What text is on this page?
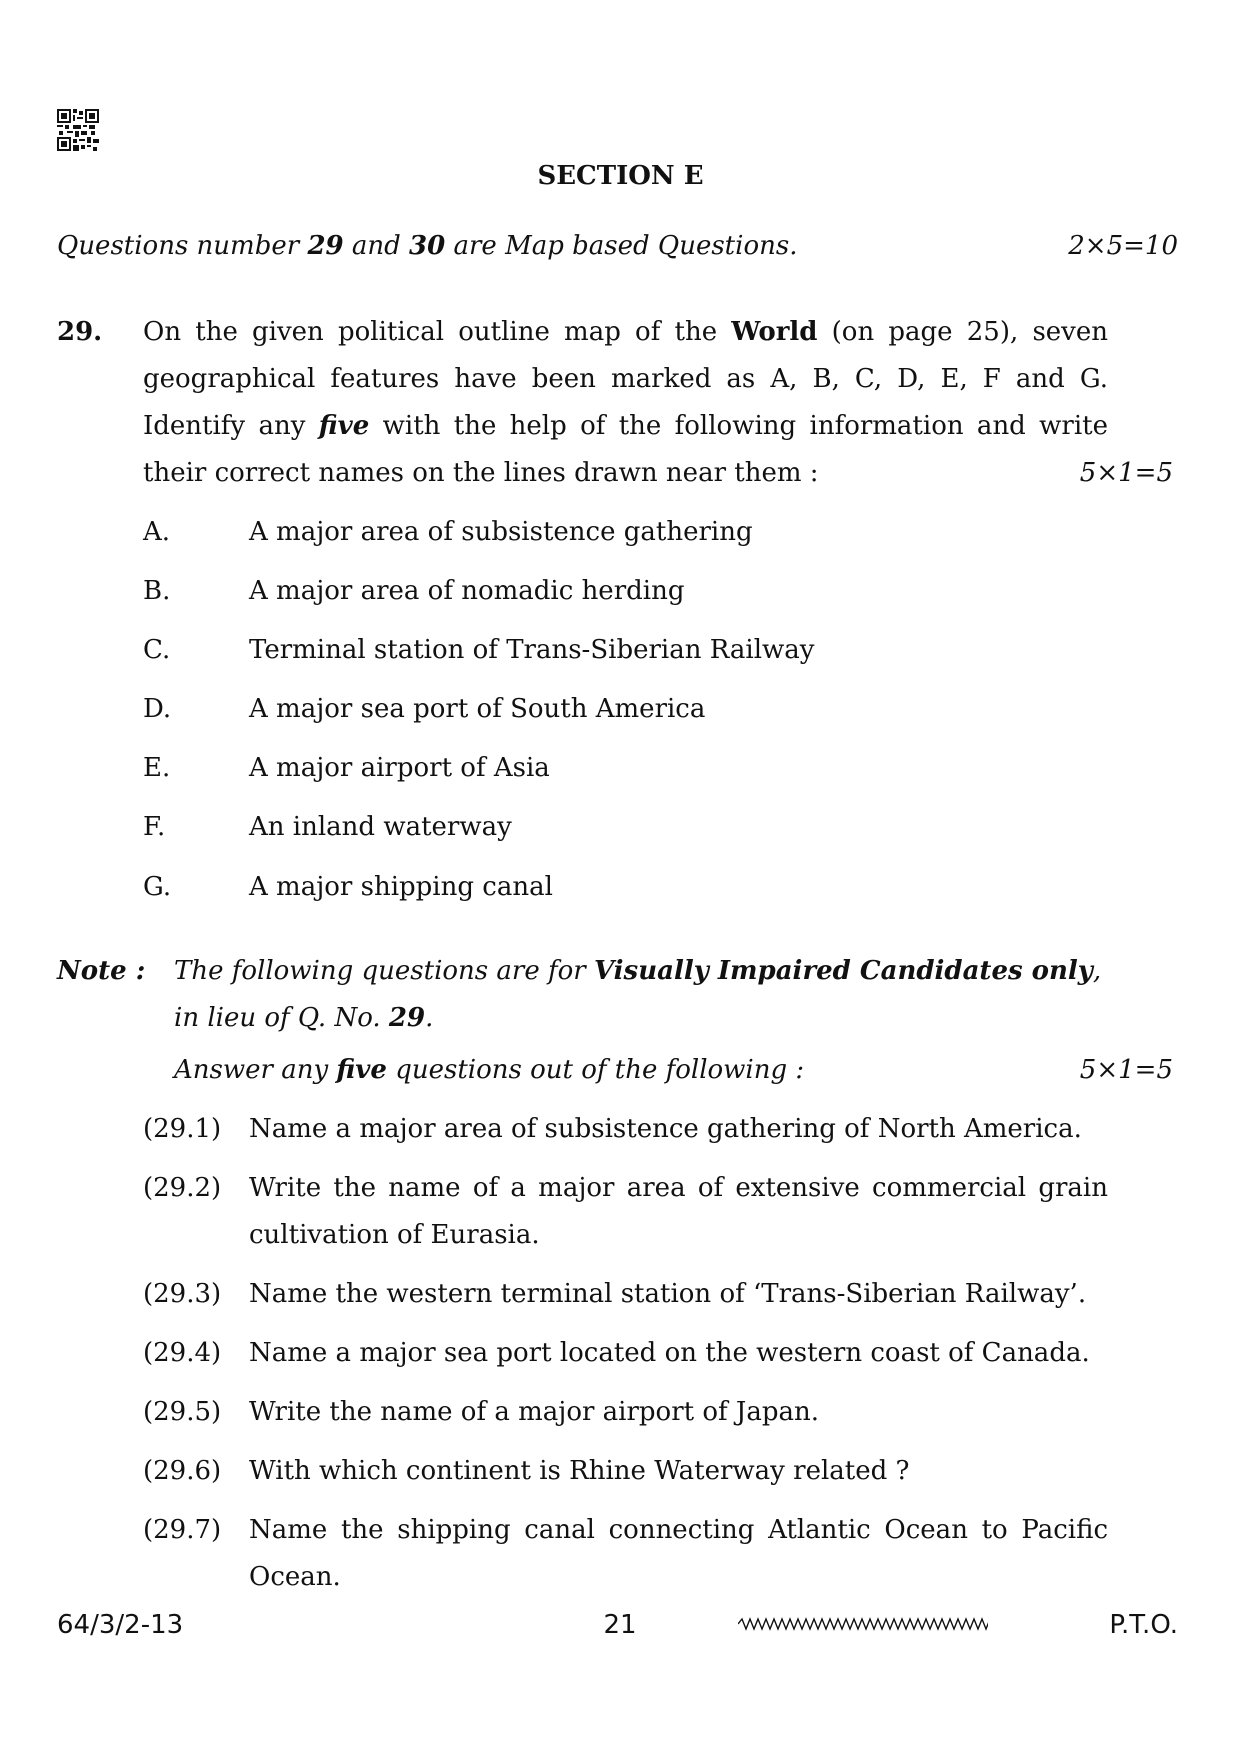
SECTION E
Questions number 29 and 30 are Map based Questions.	2×5=10
29. On the given political outline map of the World (on page 25), seven
geographical features have been marked as A, B, C, D, E, F and G.
Identify any five with the help of the following information and write
their correct names on the lines drawn near them :	5×1=5
A.	A major area of subsistence gathering
B.	A major area of nomadic herding
C.	Terminal station of Trans-Siberian Railway
D.	A major sea port of South America
E.	A major airport of Asia
F.	An inland waterway
G.	A major shipping canal
Note : The following questions are for Visually Impaired Candidates only,
in lieu of Q. No. 29.
Answer any five questions out of the following :	5×1=5
(29.1) Name a major area of subsistence gathering of North America.
(29.2) Write the name of a major area of extensive commercial grain
cultivation of Eurasia.
(29.3) Name the western terminal station of ‘Trans-Siberian Railway’.
(29.4) Name a major sea port located on the western coast of Canada.
(29.5) Write the name of a major airport of Japan.
(29.6) With which continent is Rhine Waterway related ?
(29.7) Name the shipping canal connecting Atlantic Ocean to Pacific
Ocean.
64/3/2-13	21	P.T.O.
